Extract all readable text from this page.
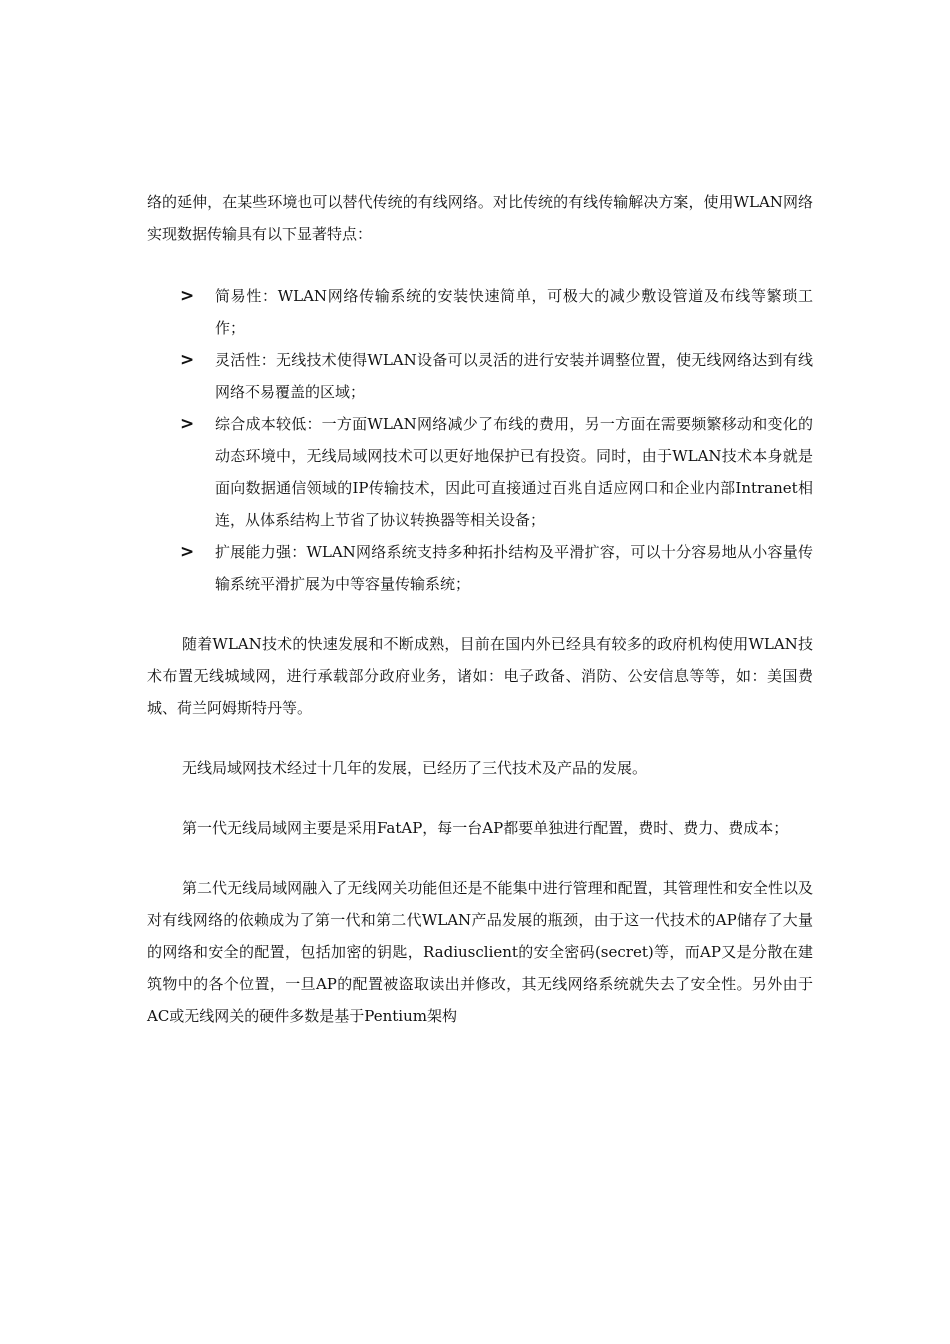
络的延伸，在某些环境也可以替代传统的有线网络。对比传统的有线传输解决方案，使用WLAN网络实现数据传输具有以下显著特点：

> 简易性：WLAN网络传输系统的安装快速简单，可极大的减少敷设管道及布线等繁琐工作；
> 灵活性：无线技术使得WLAN设备可以灵活的进行安装并调整位置，使无线网络达到有线网络不易覆盖的区域；
> 综合成本较低：一方面WLAN网络减少了布线的费用，另一方面在需要频繁移动和变化的动态环境中，无线局域网技术可以更好地保护已有投资。同时，由于WLAN技术本身就是面向数据通信领域的IP传输技术，因此可直接通过百兆自适应网口和企业内部Intranet相连，从体系结构上节省了协议转换器等相关设备；
> 扩展能力强：WLAN网络系统支持多种拓扑结构及平滑扩容，可以十分容易地从小容量传输系统平滑扩展为中等容量传输系统；

随着WLAN技术的快速发展和不断成熟，目前在国内外已经具有较多的政府机构使用WLAN技术布置无线城域网，进行承载部分政府业务，诸如：电子政备、消防、公安信息等等，如：美国费城、荷兰阿姆斯特丹等。

无线局域网技术经过十几年的发展，已经历了三代技术及产品的发展。

第一代无线局域网主要是采用FatAP，每一台AP都要单独进行配置，费时、费力、费成本；

第二代无线局域网融入了无线网关功能但还是不能集中进行管理和配置，其管理性和安全性以及对有线网络的依赖成为了第一代和第二代WLAN产品发展的瓶颈，由于这一代技术的AP储存了大量的网络和安全的配置，包括加密的钥匙，Radiusclient的安全密码(secret)等，而AP又是分散在建筑物中的各个位置，一旦AP的配置被盗取读出并修改，其无线网络系统就失去了安全性。另外由于AC或无线网关的硬件多数是基于Pentium架构
